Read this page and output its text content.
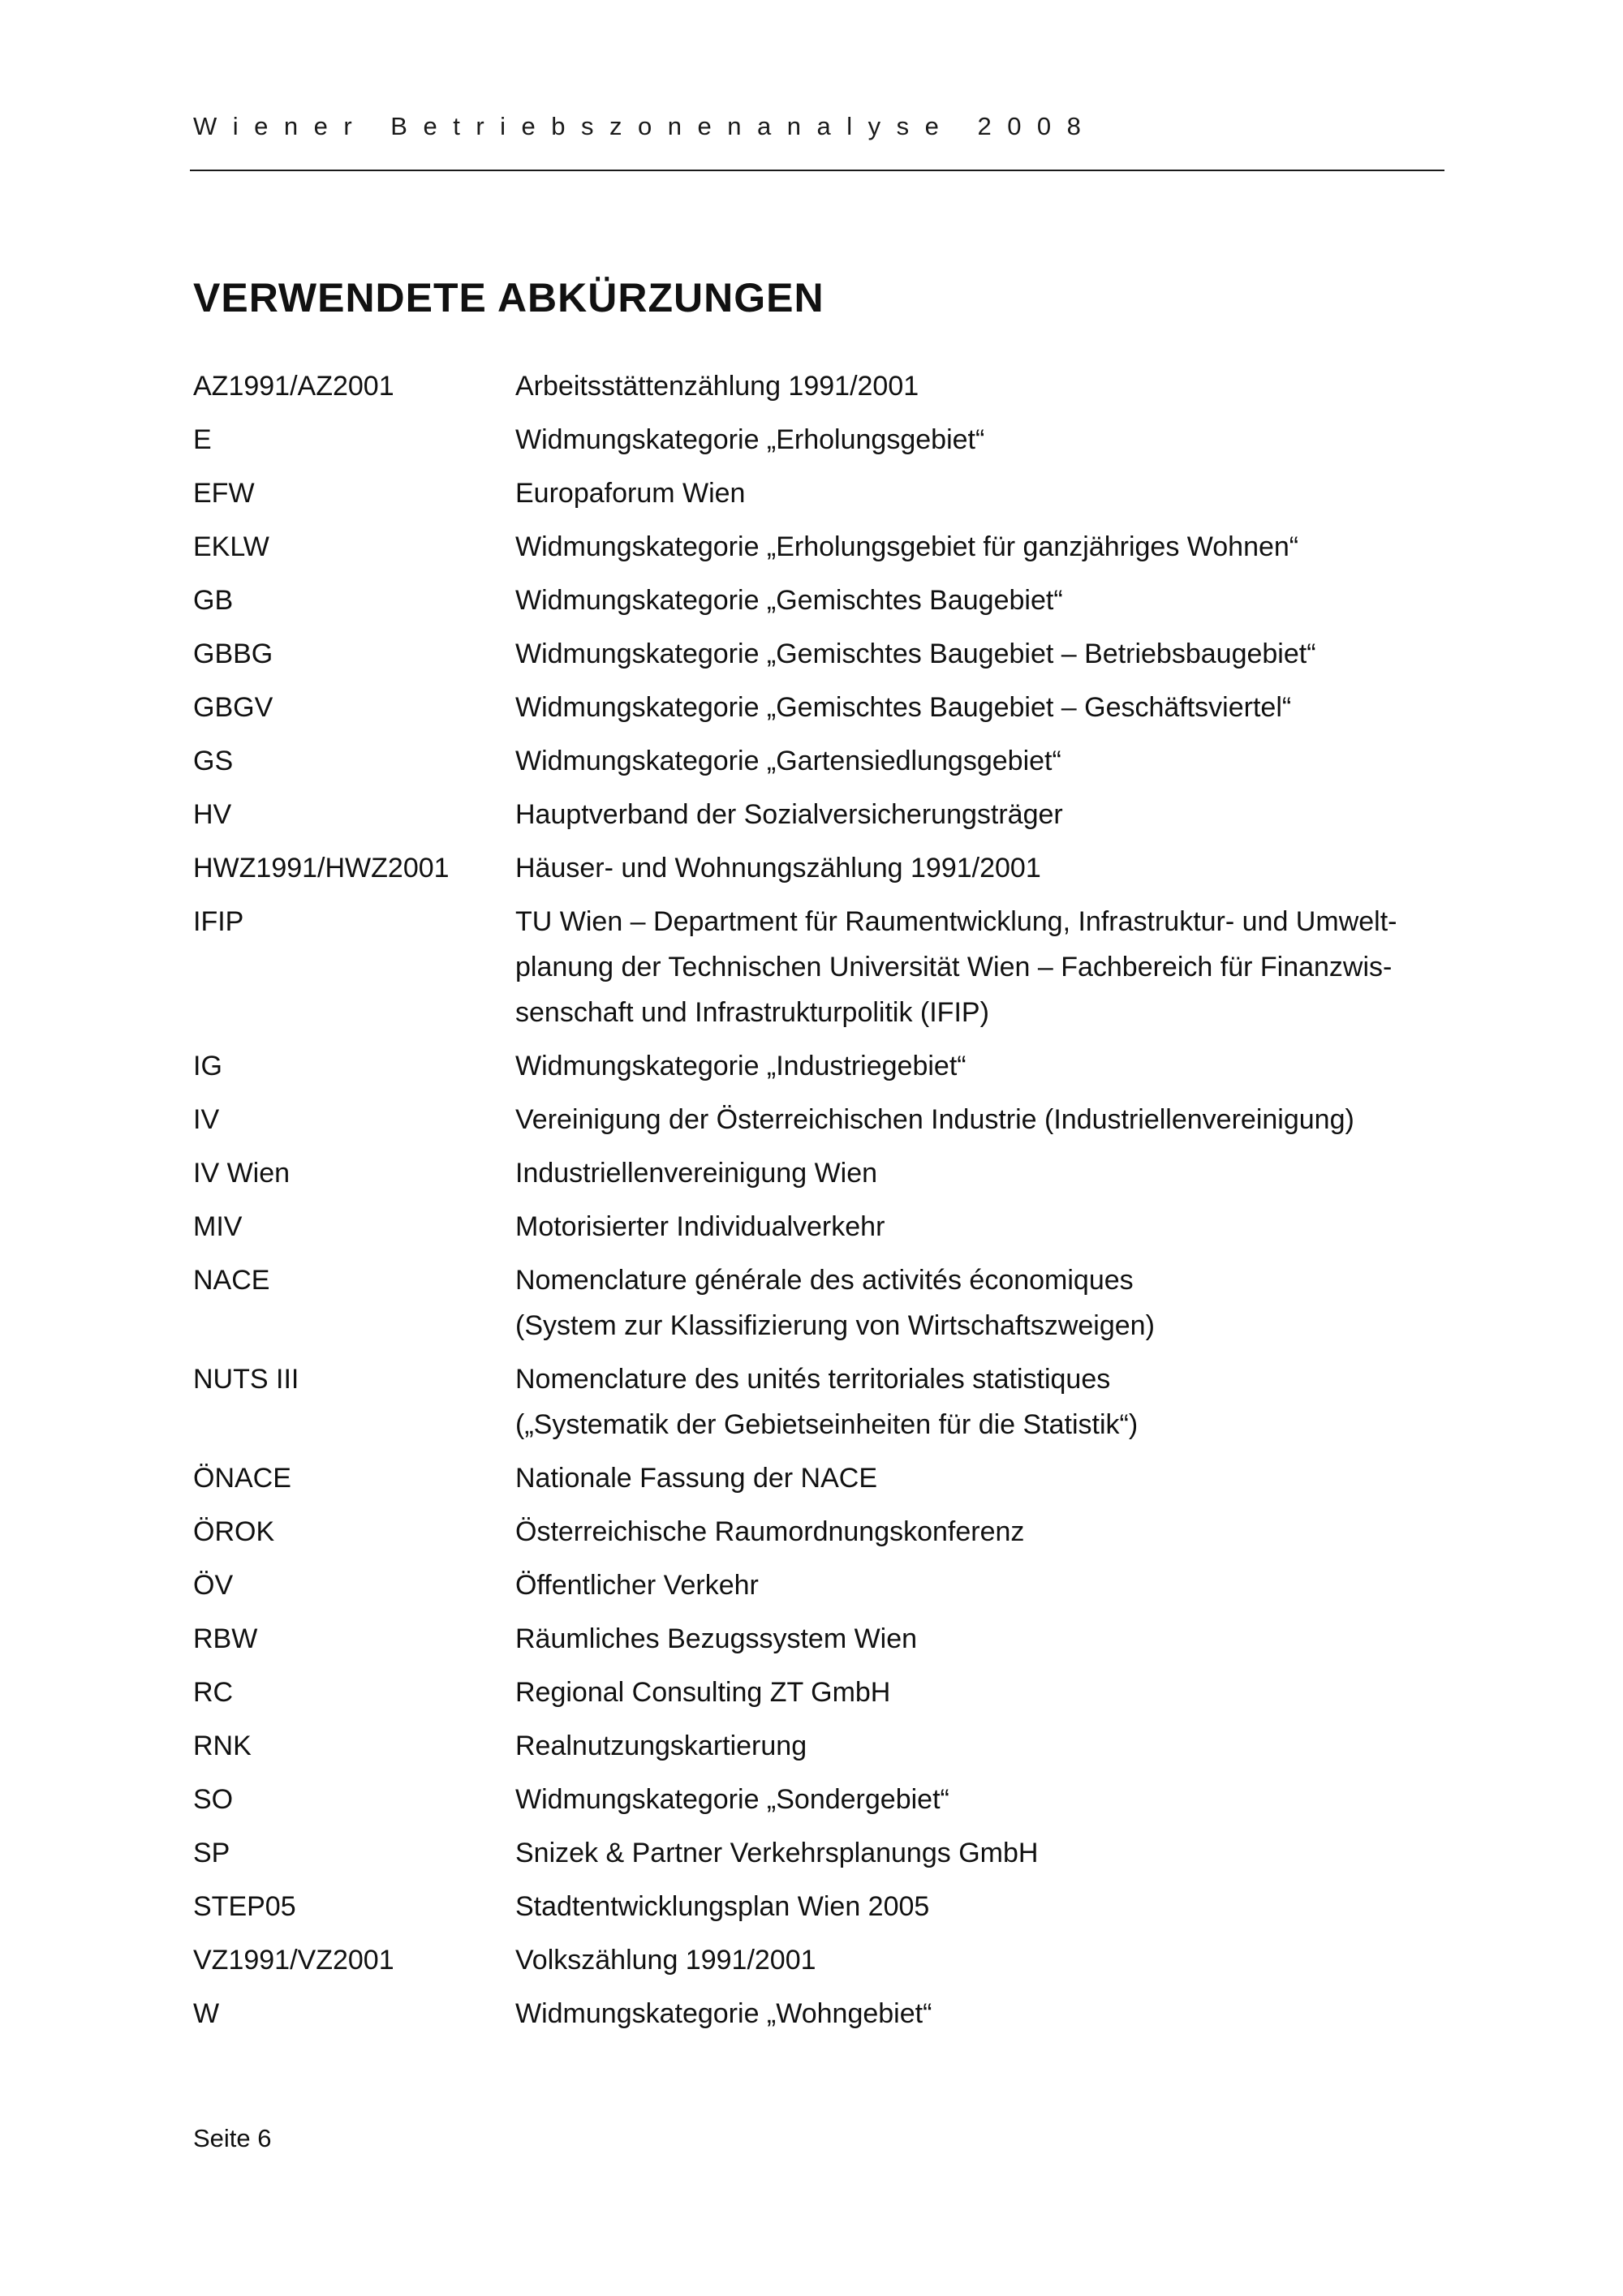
Wiener Betriebszonenanalyse 2008
VERWENDETE ABKÜRZUNGEN
AZ1991/AZ2001	Arbeitsstättenzählung 1991/2001
E	Widmungskategorie „Erholungsgebiet“
EFW	Europaforum Wien
EKLW	Widmungskategorie „Erholungsgebiet für ganzjähriges Wohnen“
GB	Widmungskategorie „Gemischtes Baugebiet“
GBBG	Widmungskategorie „Gemischtes Baugebiet – Betriebsbaugebiet“
GBGV	Widmungskategorie „Gemischtes Baugebiet – Geschäftsviertel“
GS	Widmungskategorie „Gartensiedlungsgebiet“
HV	Hauptverband der Sozialversicherungsträger
HWZ1991/HWZ2001	Häuser- und Wohnungszählung 1991/2001
IFIP	TU Wien – Department für Raumentwicklung, Infrastruktur- und Umwelt-
planung der Technischen Universität Wien – Fachbereich für Finanzwis-
senschaft und Infrastrukturpolitik (IFIP)
IG	Widmungskategorie „Industriegebiet“
IV	Vereinigung der Österreichischen Industrie (Industriellenvereinigung)
IV Wien	Industriellenvereinigung Wien
MIV	Motorisierter Individualverkehr
NACE	Nomenclature générale des activités économiques
(System zur Klassifizierung von Wirtschaftszweigen)
NUTS III	Nomenclature des unités territoriales statistiques
(„Systematik der Gebietseinheiten für die Statistik“)
ÖNACE	Nationale Fassung der NACE
ÖROK	Österreichische Raumordnungskonferenz
ÖV	Öffentlicher Verkehr
RBW	Räumliches Bezugssystem Wien
RC	Regional Consulting ZT GmbH
RNK	Realnutzungskartierung
SO	Widmungskategorie „Sondergebiet“
SP	Snizek & Partner Verkehrsplanungs GmbH
STEP05	Stadtentwicklungsplan Wien 2005
VZ1991/VZ2001	Volkszählung 1991/2001
W	Widmungskategorie „Wohngebiet“
Seite 6
